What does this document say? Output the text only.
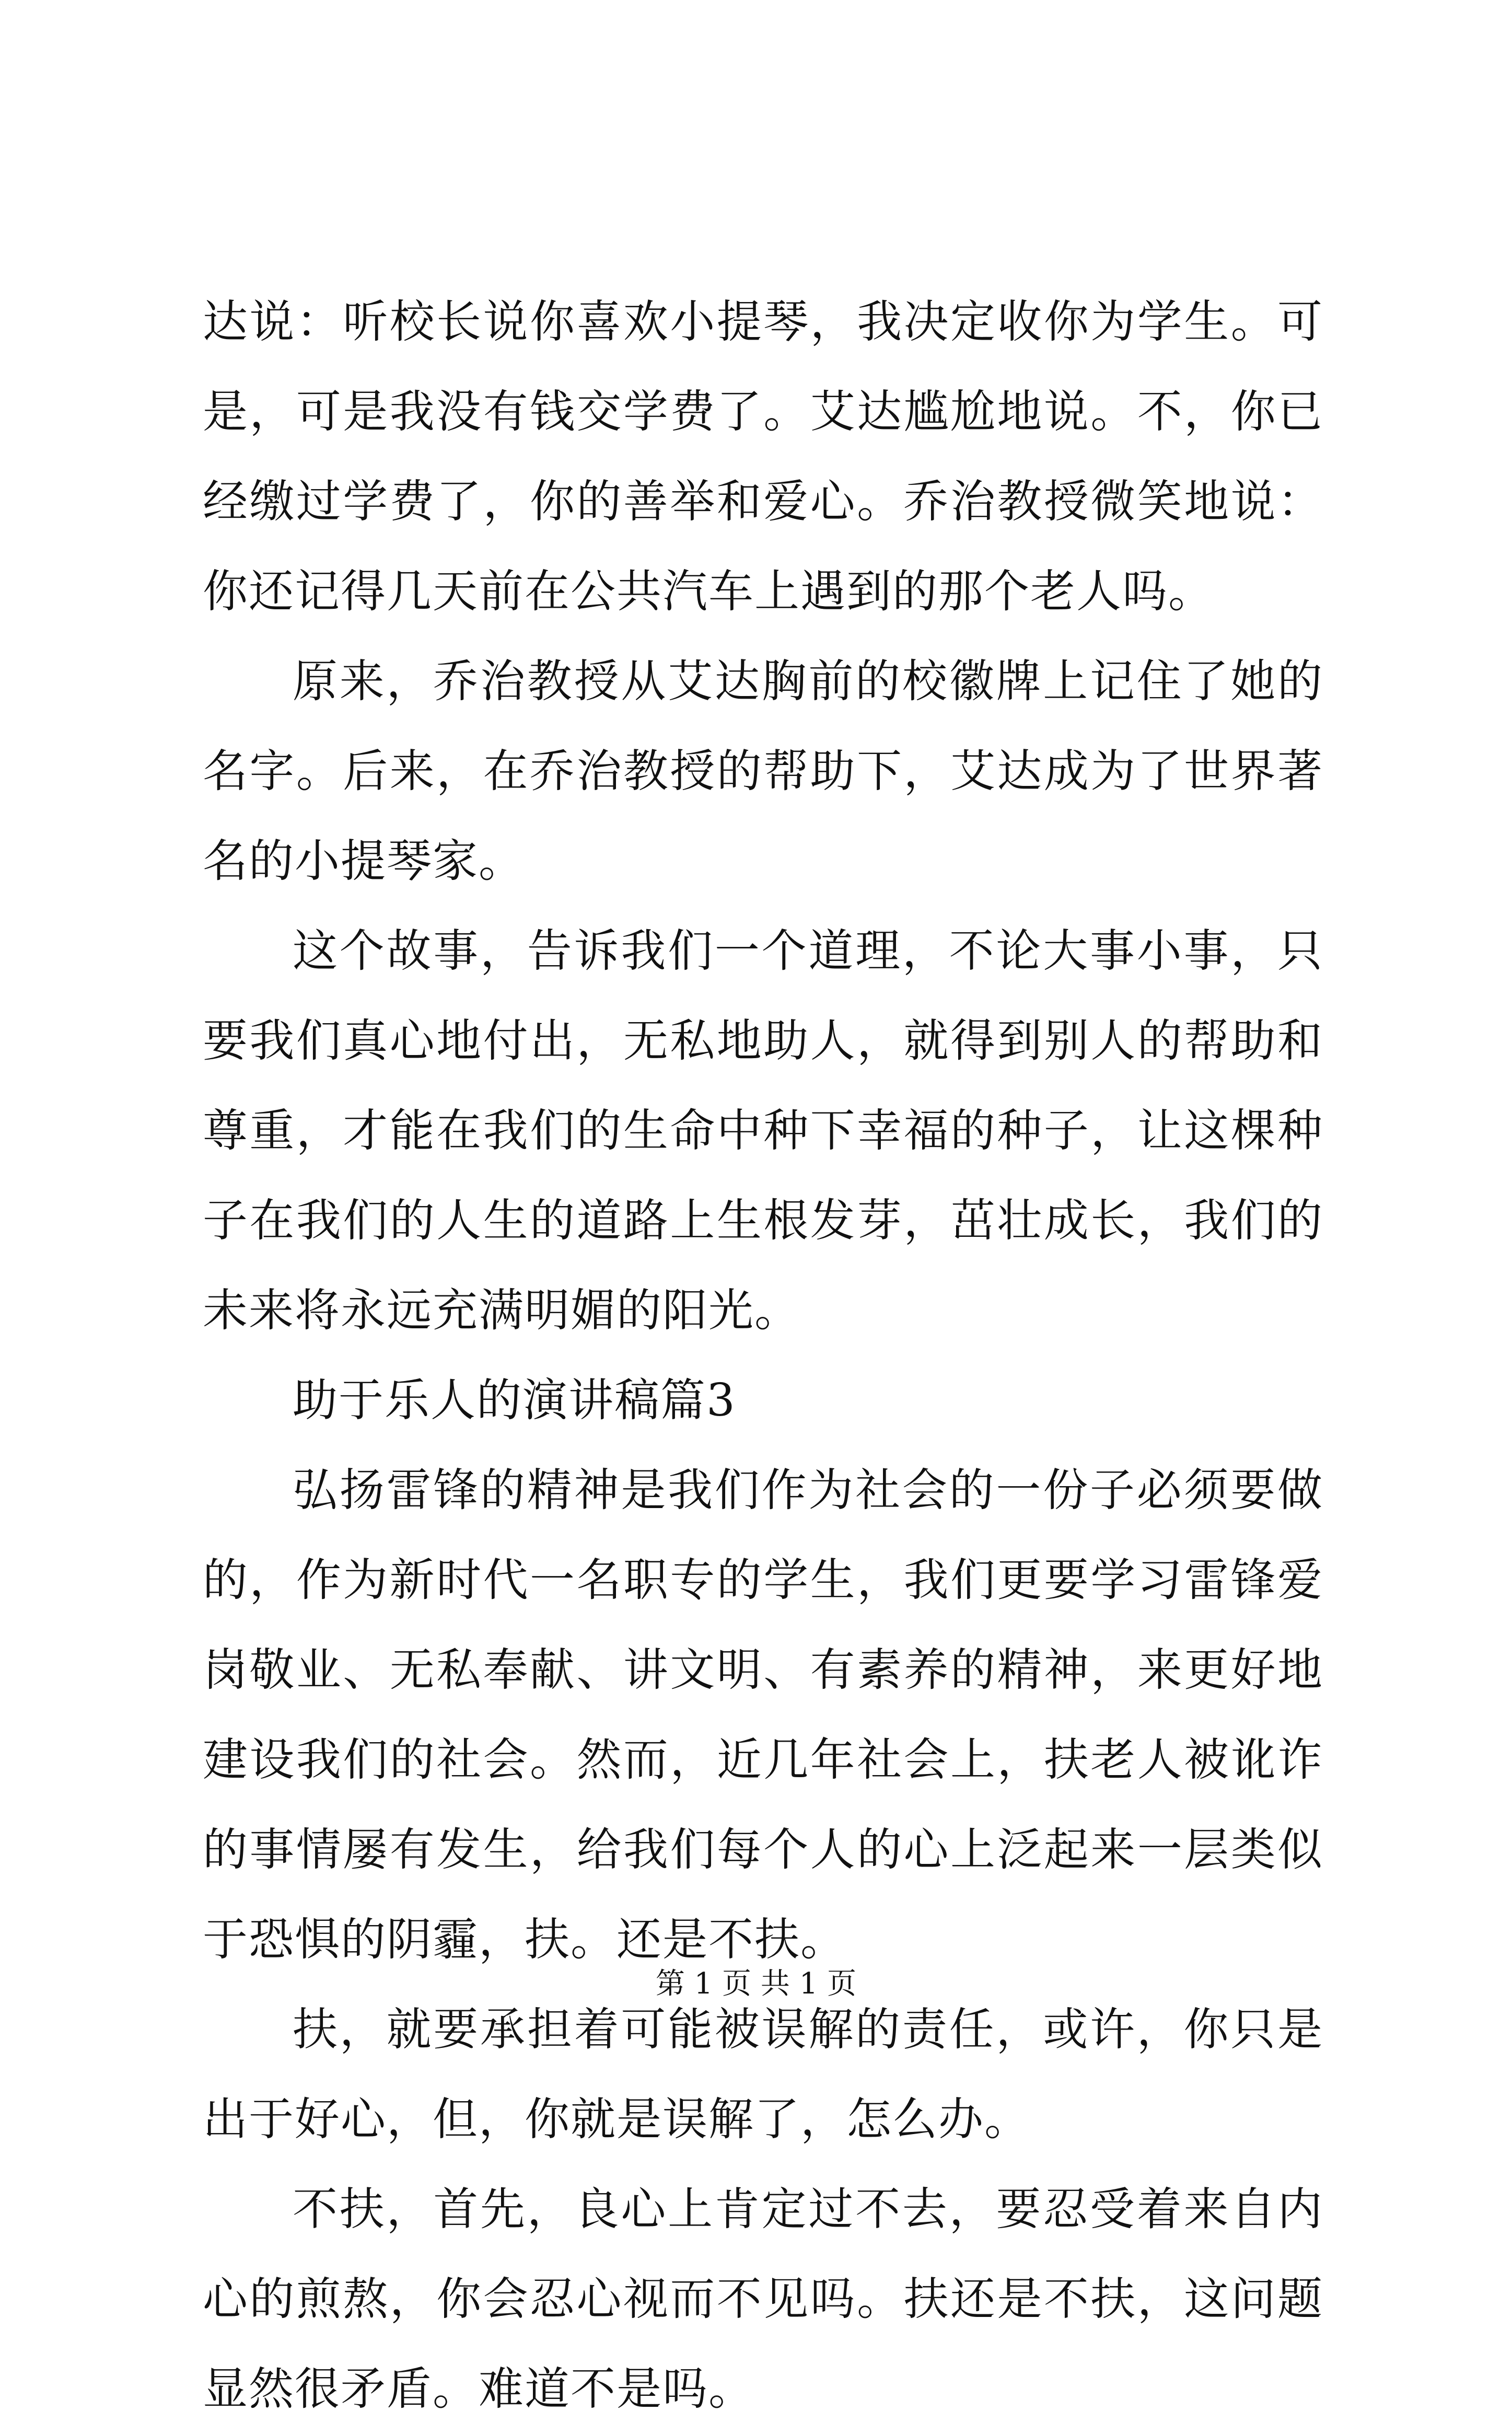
达说：听校长说你喜欢小提琴，我决定收你为学生。可是，可是我没有钱交学费了。艾达尴尬地说。不，你已经缴过学费了，你的善举和爱心。乔治教授微笑地说：你还记得几天前在公共汽车上遇到的那个老人吗。

原来，乔治教授从艾达胸前的校徽牌上记住了她的名字。后来，在乔治教授的帮助下，艾达成为了世界著名的小提琴家。

这个故事，告诉我们一个道理，不论大事小事，只要我们真心地付出，无私地助人，就得到别人的帮助和尊重，才能在我们的生命中种下幸福的种子，让这棵种子在我们的人生的道路上生根发芽，茁壮成长，我们的未来将永远充满明媚的阳光。

助于乐人的演讲稿篇3

弘扬雷锋的精神是我们作为社会的一份子必须要做的，作为新时代一名职专的学生，我们更要学习雷锋爱岗敬业、无私奉献、讲文明、有素养的精神，来更好地建设我们的社会。然而，近几年社会上，扶老人被讹诈的事情屡有发生，给我们每个人的心上泛起来一层类似于恐惧的阴霾，扶。还是不扶。

扶，就要承担着可能被误解的责任，或许，你只是出于好心，但，你就是误解了，怎么办。

不扶，首先，良心上肯定过不去，要忍受着来自内心的煎熬，你会忍心视而不见吗。扶还是不扶，这问题显然很矛盾。难道不是吗。

第 1 页 共 1 页
